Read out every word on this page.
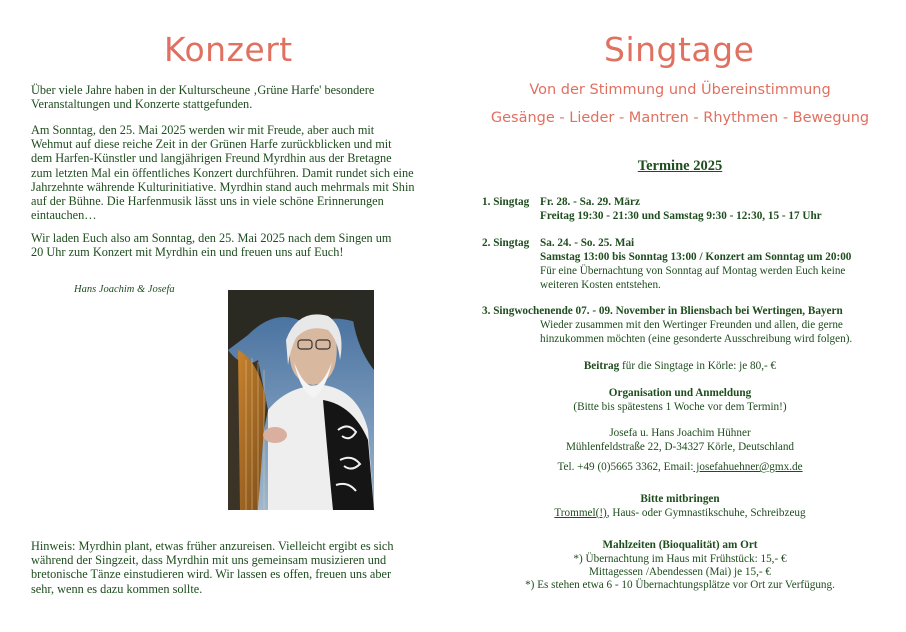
Konzert

Über viele Jahre haben in der Kulturscheune ‚Grüne Harfe' besondere Veranstaltungen und Konzerte stattgefunden.

Am Sonntag, den 25. Mai 2025 werden wir mit Freude, aber auch mit Wehmut auf diese reiche Zeit in der Grünen Harfe zurückblicken und mit dem Harfen-Künstler und langjährigen Freund Myrdhin aus der Bretagne zum letzten Mal ein öffentliches Konzert durchführen. Damit rundet sich eine Jahrzehnte währende Kulturinitiative. Myrdhin stand auch mehrmals mit Shin auf der Bühne. Die Harfenmusik lässt uns in viele schöne Erinnerungen eintauchen…

Wir laden Euch also am Sonntag, den 25. Mai 2025 nach dem Singen um 20 Uhr zum Konzert mit Myrdhin ein und freuen uns auf Euch!

Hans Joachim & Josefa

Hinweis: Myrdhin plant, etwas früher anzureisen. Vielleicht ergibt es sich während der Singzeit, dass Myrdhin mit uns gemeinsam musizieren und bretonische Tänze einstudieren wird. Wir lassen es offen, freuen uns aber sehr, wenn es dazu kommen sollte.

Singtage
Von der Stimmung und Übereinstimmung
Gesänge - Lieder - Mantren - Rhythmen - Bewegung
Termine 2025
1. Singtag Fr. 28. - Sa. 29. März
Freitag 19:30 - 21:30 und Samstag 9:30 - 12:30, 15 - 17 Uhr
2. Singtag Sa. 24. - So. 25. Mai
Samstag 13:00 bis Sonntag 13:00 / Konzert am Sonntag um 20:00
Für eine Übernachtung von Sonntag auf Montag werden Euch keine
weiteren Kosten entstehen.
3. Singwochenende 07. - 09. November in Bliensbach bei Wertingen, Bayern
Wieder zusammen mit den Wertinger Freunden und allen, die gerne
hinzukommen möchten (eine gesonderte Ausschreibung wird folgen).
Beitrag für die Singtage in Körle: je 80,- €
Organisation und Anmeldung
(Bitte bis spätestens 1 Woche vor dem Termin!)
Josefa u. Hans Joachim Hühner
Mühlenfeldstraße 22, D-34327 Körle, Deutschland
Tel. +49 (0)5665 3362, Email: josefahuehner@gmx.de
Bitte mitbringen
Trommel(!), Haus- oder Gymnastikschuhe, Schreibzeug
Mahlzeiten (Bioqualität) am Ort
*) Übernachtung im Haus mit Frühstück: 15,- €
Mittagessen /Abendessen (Mai) je 15,- €
*) Es stehen etwa 6 - 10 Übernachtungsplätze vor Ort zur Verfügung.
